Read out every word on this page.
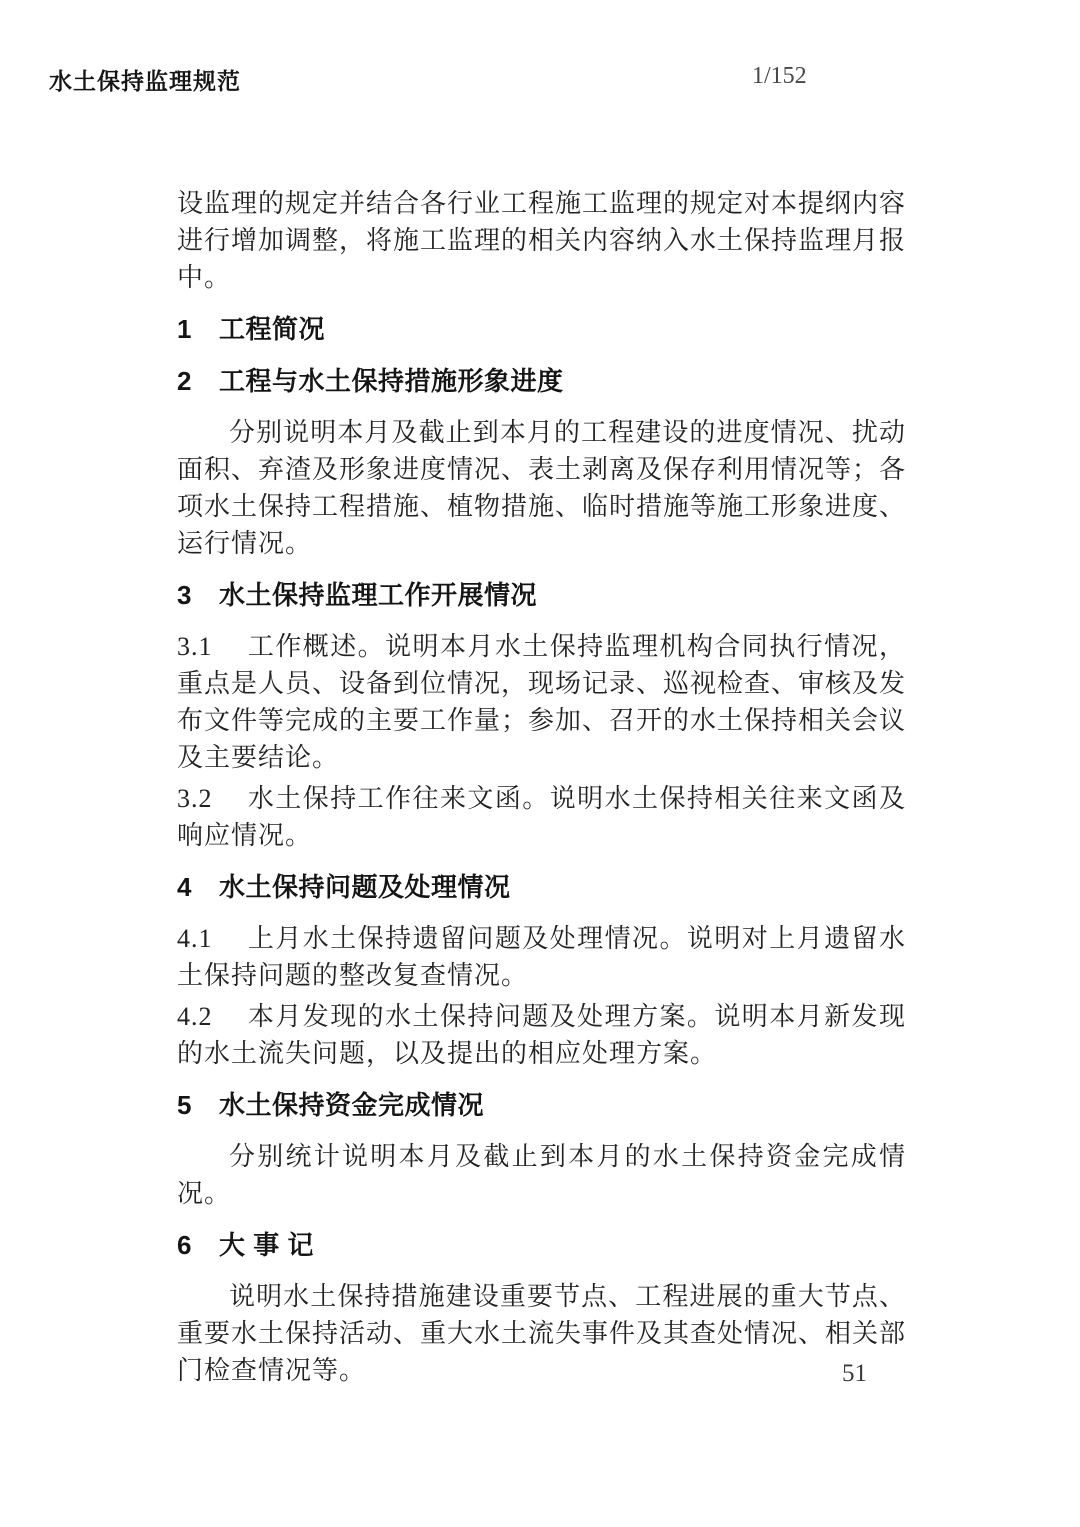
水土保持监理规范	1/152

设监理的规定并结合各行业工程施工监理的规定对本提纲内容进行增加调整，将施工监理的相关内容纳入水土保持监理月报中。

1 工程简况
2 工程与水土保持措施形象进度

分别说明本月及截止到本月的工程建设的进度情况、扰动面积、弃渣及形象进度情况、表土剥离及保存利用情况等；各项水土保持工程措施、植物措施、临时措施等施工形象进度、运行情况。

3 水土保持监理工作开展情况

3.1 工作概述。说明本月水土保持监理机构合同执行情况，重点是人员、设备到位情况，现场记录、巡视检查、审核及发布文件等完成的主要工作量；参加、召开的水土保持相关会议及主要结论。

3.2 水土保持工作往来文函。说明水土保持相关往来文函及响应情况。

4 水土保持问题及处理情况

4.1 上月水土保持遗留问题及处理情况。说明对上月遗留水土保持问题的整改复查情况。

4.2 本月发现的水土保持问题及处理方案。说明本月新发现的水土流失问题，以及提出的相应处理方案。

5 水土保持资金完成情况

分别统计说明本月及截止到本月的水土保持资金完成情况。

6 大 事 记

说明水土保持措施建设重要节点、工程进展的重大节点、重要水土保持活动、重大水土流失事件及其查处情况、相关部门检查情况等。	51
